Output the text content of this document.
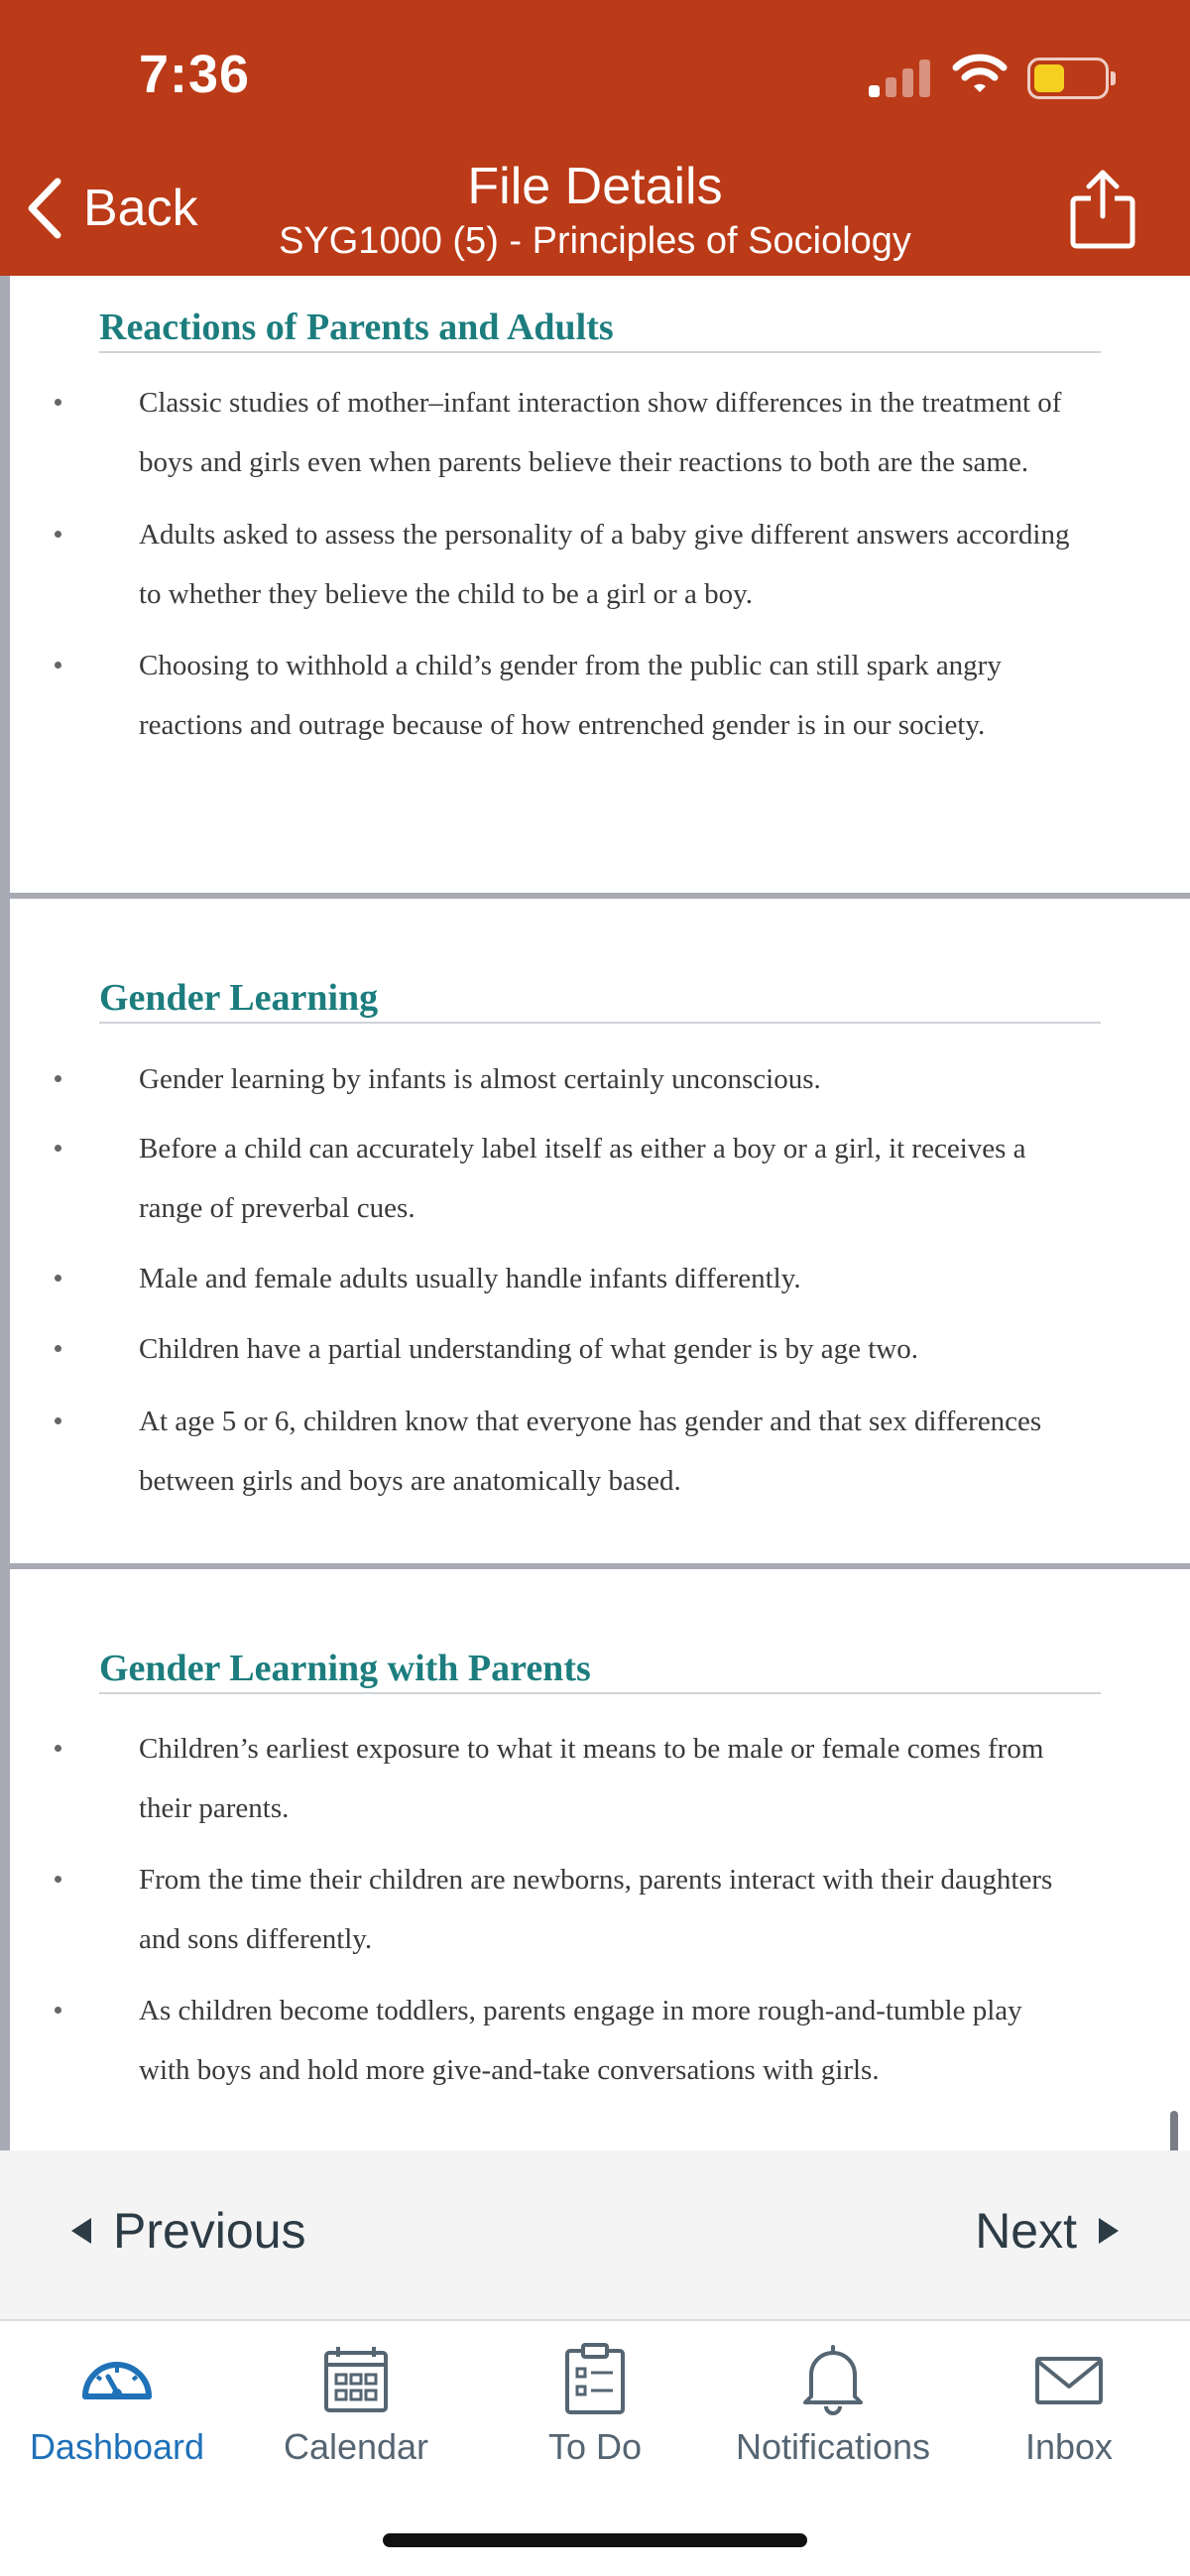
7:36
Back	File Details
SYG1000 (5) - Principles of Sociology
Reactions of Parents and Adults
Classic studies of mother–infant interaction show differences in the treatment of
boys and girls even when parents believe their reactions to both are the same.
Adults asked to assess the personality of a baby give different answers according
to whether they believe the child to be a girl or a boy.
Choosing to withhold a child’s gender from the public can still spark angry
reactions and outrage because of how entrenched gender is in our society.
Gender Learning
Gender learning by infants is almost certainly unconscious.
Before a child can accurately label itself as either a boy or a girl, it receives a
range of preverbal cues.
Male and female adults usually handle infants differently.
Children have a partial understanding of what gender is by age two.
At age 5 or 6, children know that everyone has gender and that sex differences
between girls and boys are anatomically based.
Gender Learning with Parents
Children’s earliest exposure to what it means to be male or female comes from
their parents.
From the time their children are newborns, parents interact with their daughters
and sons differently.
As children become toddlers, parents engage in more rough-and-tumble play
with boys and hold more give-and-take conversations with girls.
Previous	Next
Dashboard Calendar	To Do	Notifications	Inbox
